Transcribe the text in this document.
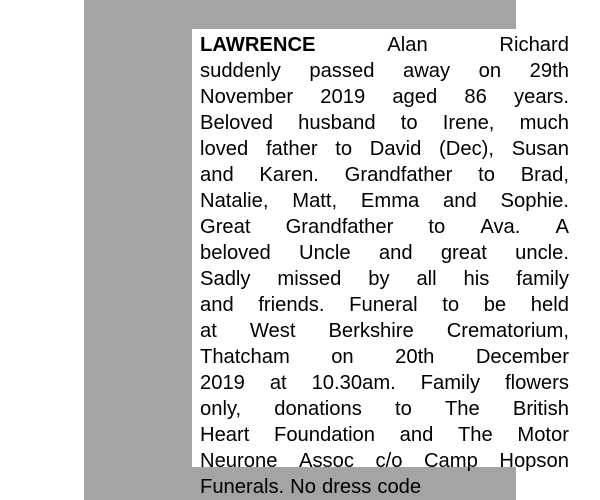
LAWRENCE	Alan	Richard
suddenly passed away on 29th
November 2019 aged 86 years.
Beloved husband to Irene, much
loved father to David (Dec), Susan
and Karen. Grandfather to Brad,
Natalie, Matt, Emma and Sophie.
Great Grandfather to Ava. A
beloved Uncle and great uncle.
Sadly missed by all his family
and friends. Funeral to be held
at West Berkshire Crematorium,
Thatcham on 20th December
2019 at 10.30am. Family flowers
only, donations to The British
Heart Foundation and The Motor
Neurone Assoc c/o Camp Hopson
Funerals. No dress code
